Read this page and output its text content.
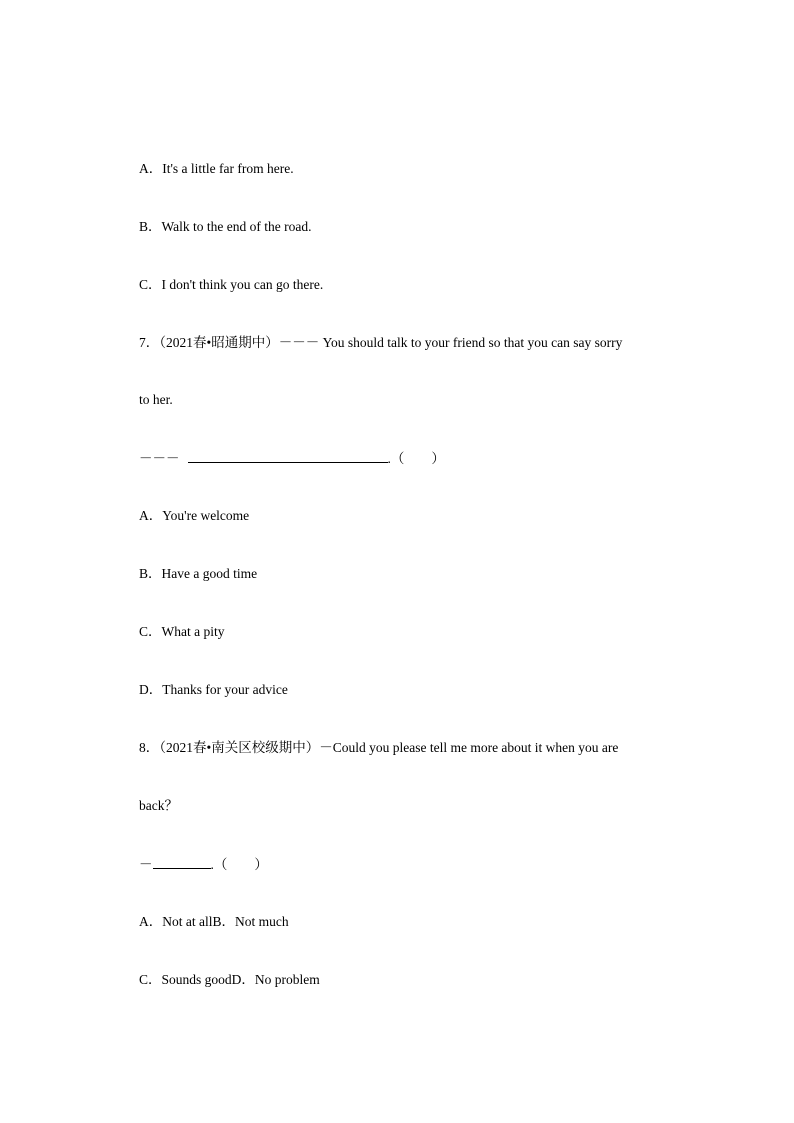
A．It's a little far from here.
B．Walk to the end of the road.
C．I don't think you can go there.
7．（2021春•昭通期中）－－－ You should talk to your friend so that you can say sorry
to her.
－－－	.（　　）
A．You're welcome
B．Have a good time
C．What a pity
D．Thanks for your advice
8．（2021春•南关区校级期中）－Could you please tell me more about it when you are
back？
－	.（　　）
A．Not at allB．Not much
C．Sounds goodD．No problem
